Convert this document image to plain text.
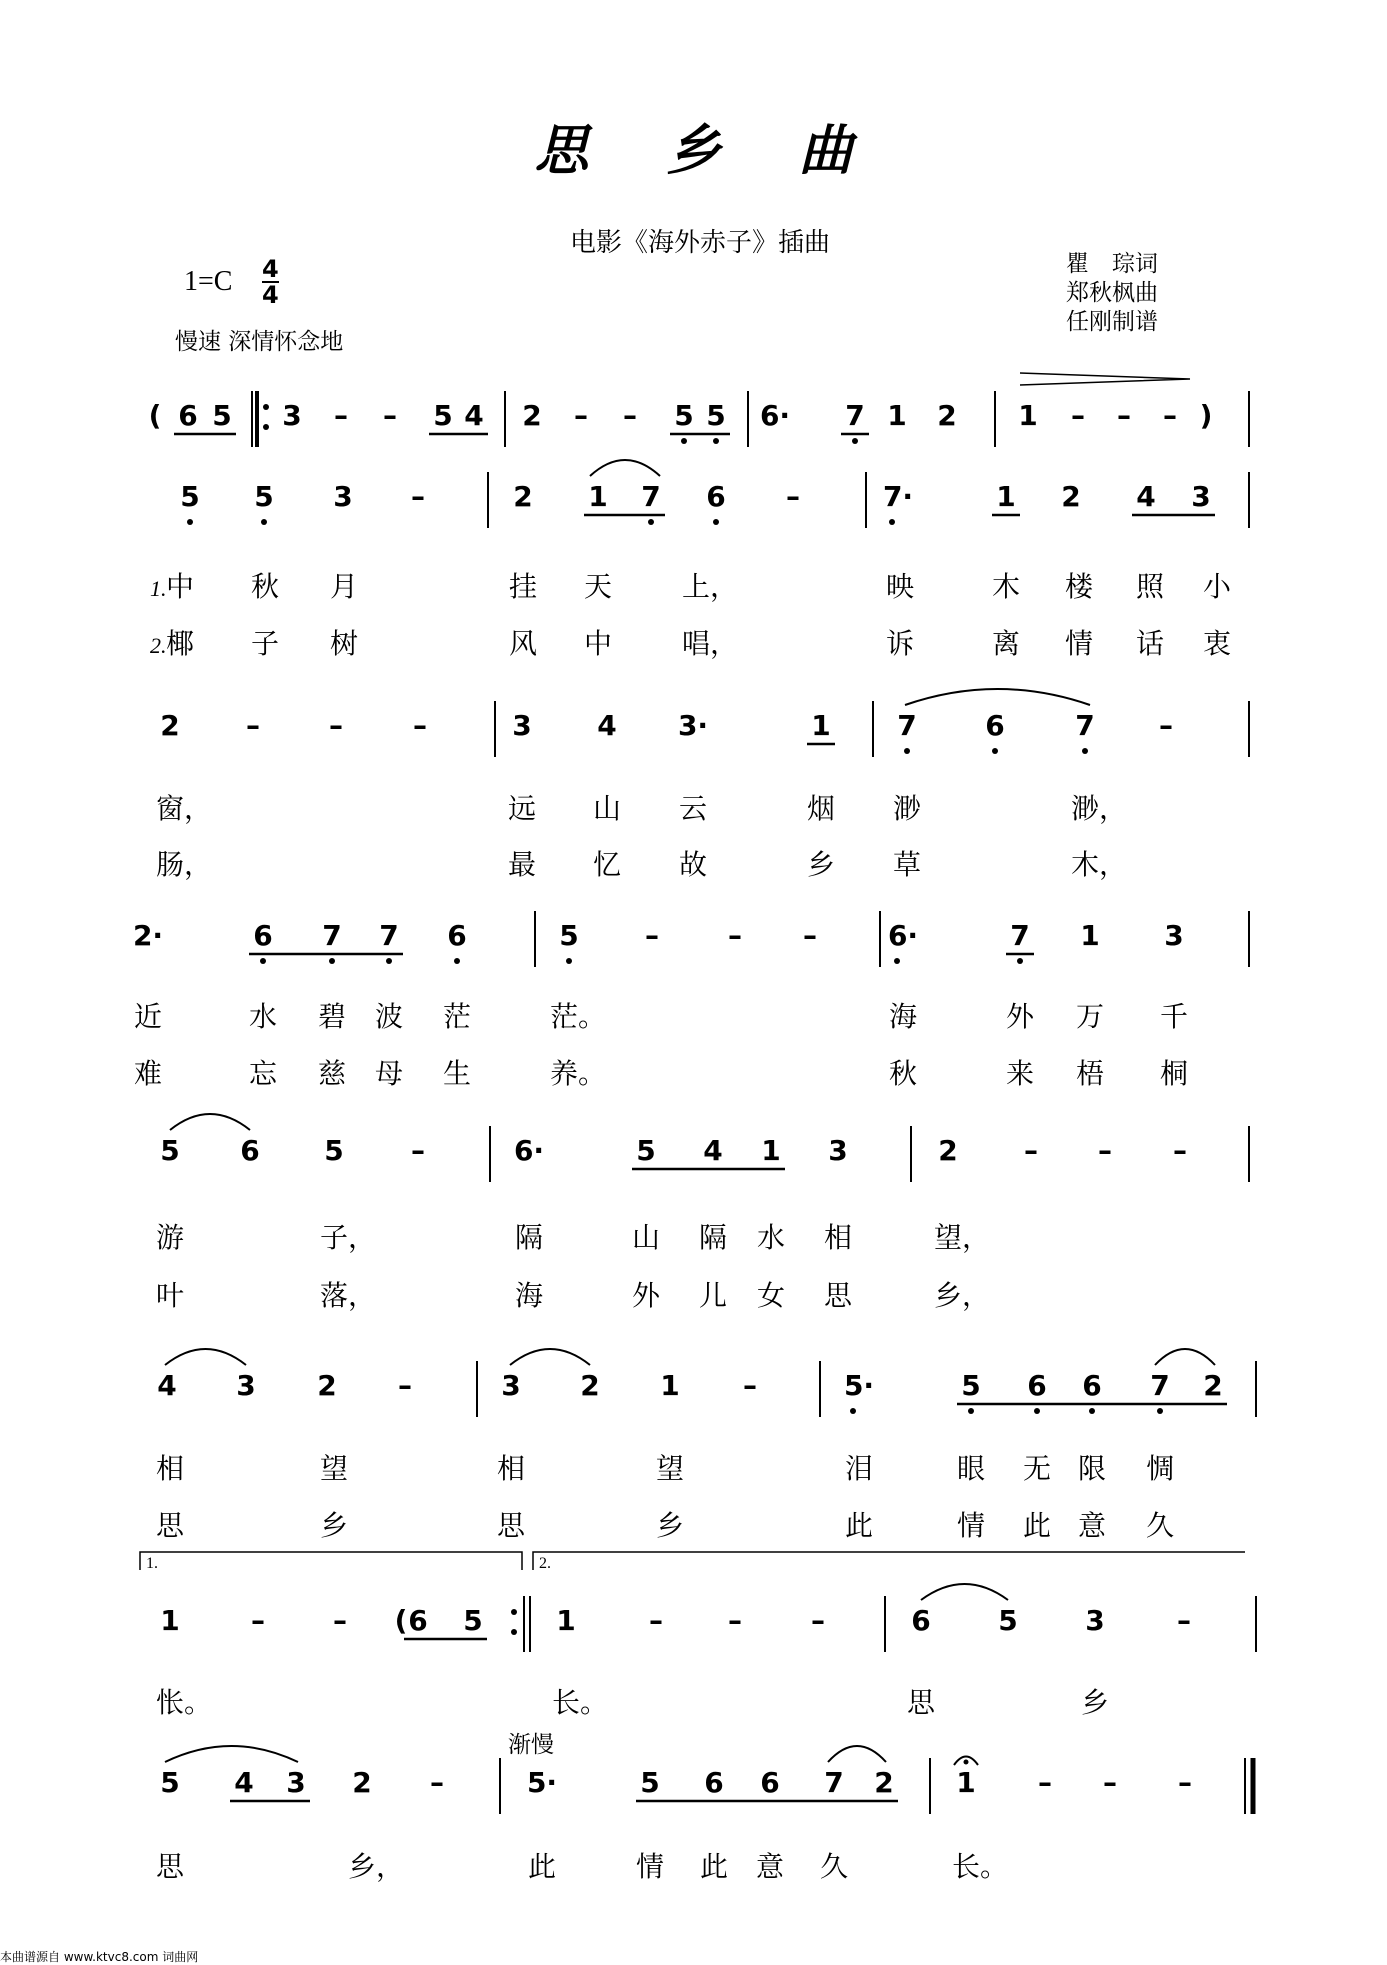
思乡曲
电影《海外赤子》插曲
瞿　琮词
郑秋枫曲
任刚制谱
1=C 4
4
慢速 深情怀念地
渐慢
本曲谱源自 www.ktvc8.com 词曲网
( 6 5 3 – – 5 4 2 – – 5 5 6· 7 1 2 1 – – – )
5 5 3 –	2 1 7 6 –	7·	1 2 4 3
1. 中 秋 月	挂 天 上，	映	木 楼 照 小
2. 椰 子 树	风 中 唱，	诉	离 情 话 衷
2 – –	–	3 4 3·	1 7 6	7 –
窗，	远 山 云	烟 渺	渺，
肠，	最 忆 故	乡 草	木，
2·	6 7 7 6	5 – – –	6·	7 1 3
近	水 碧 波 茫	茫。	海	外 万 千
难	忘 慈 母 生	养。	秋	来 梧 桐
5 6 5 –	6·	5 4 1 3	2 – – –
游	子，	隔	山 隔 水 相	望，
叶	落，	海	外 儿 女 思	乡，
4 3 2 –	3 2 1 –	5·	5 6 6 7 2
相	望	相	望	泪	眼 无 限 惆
思	乡	思	乡	此	情 此 意 久
1	– – ( 6 5	1	– – –	6 5 3	–
1.	2.
怅。	长。	思	乡
5 4 3 2 –	5·	5 6 6 7 2 1 – – –
思	乡，	此	情 此 意 久	长。
